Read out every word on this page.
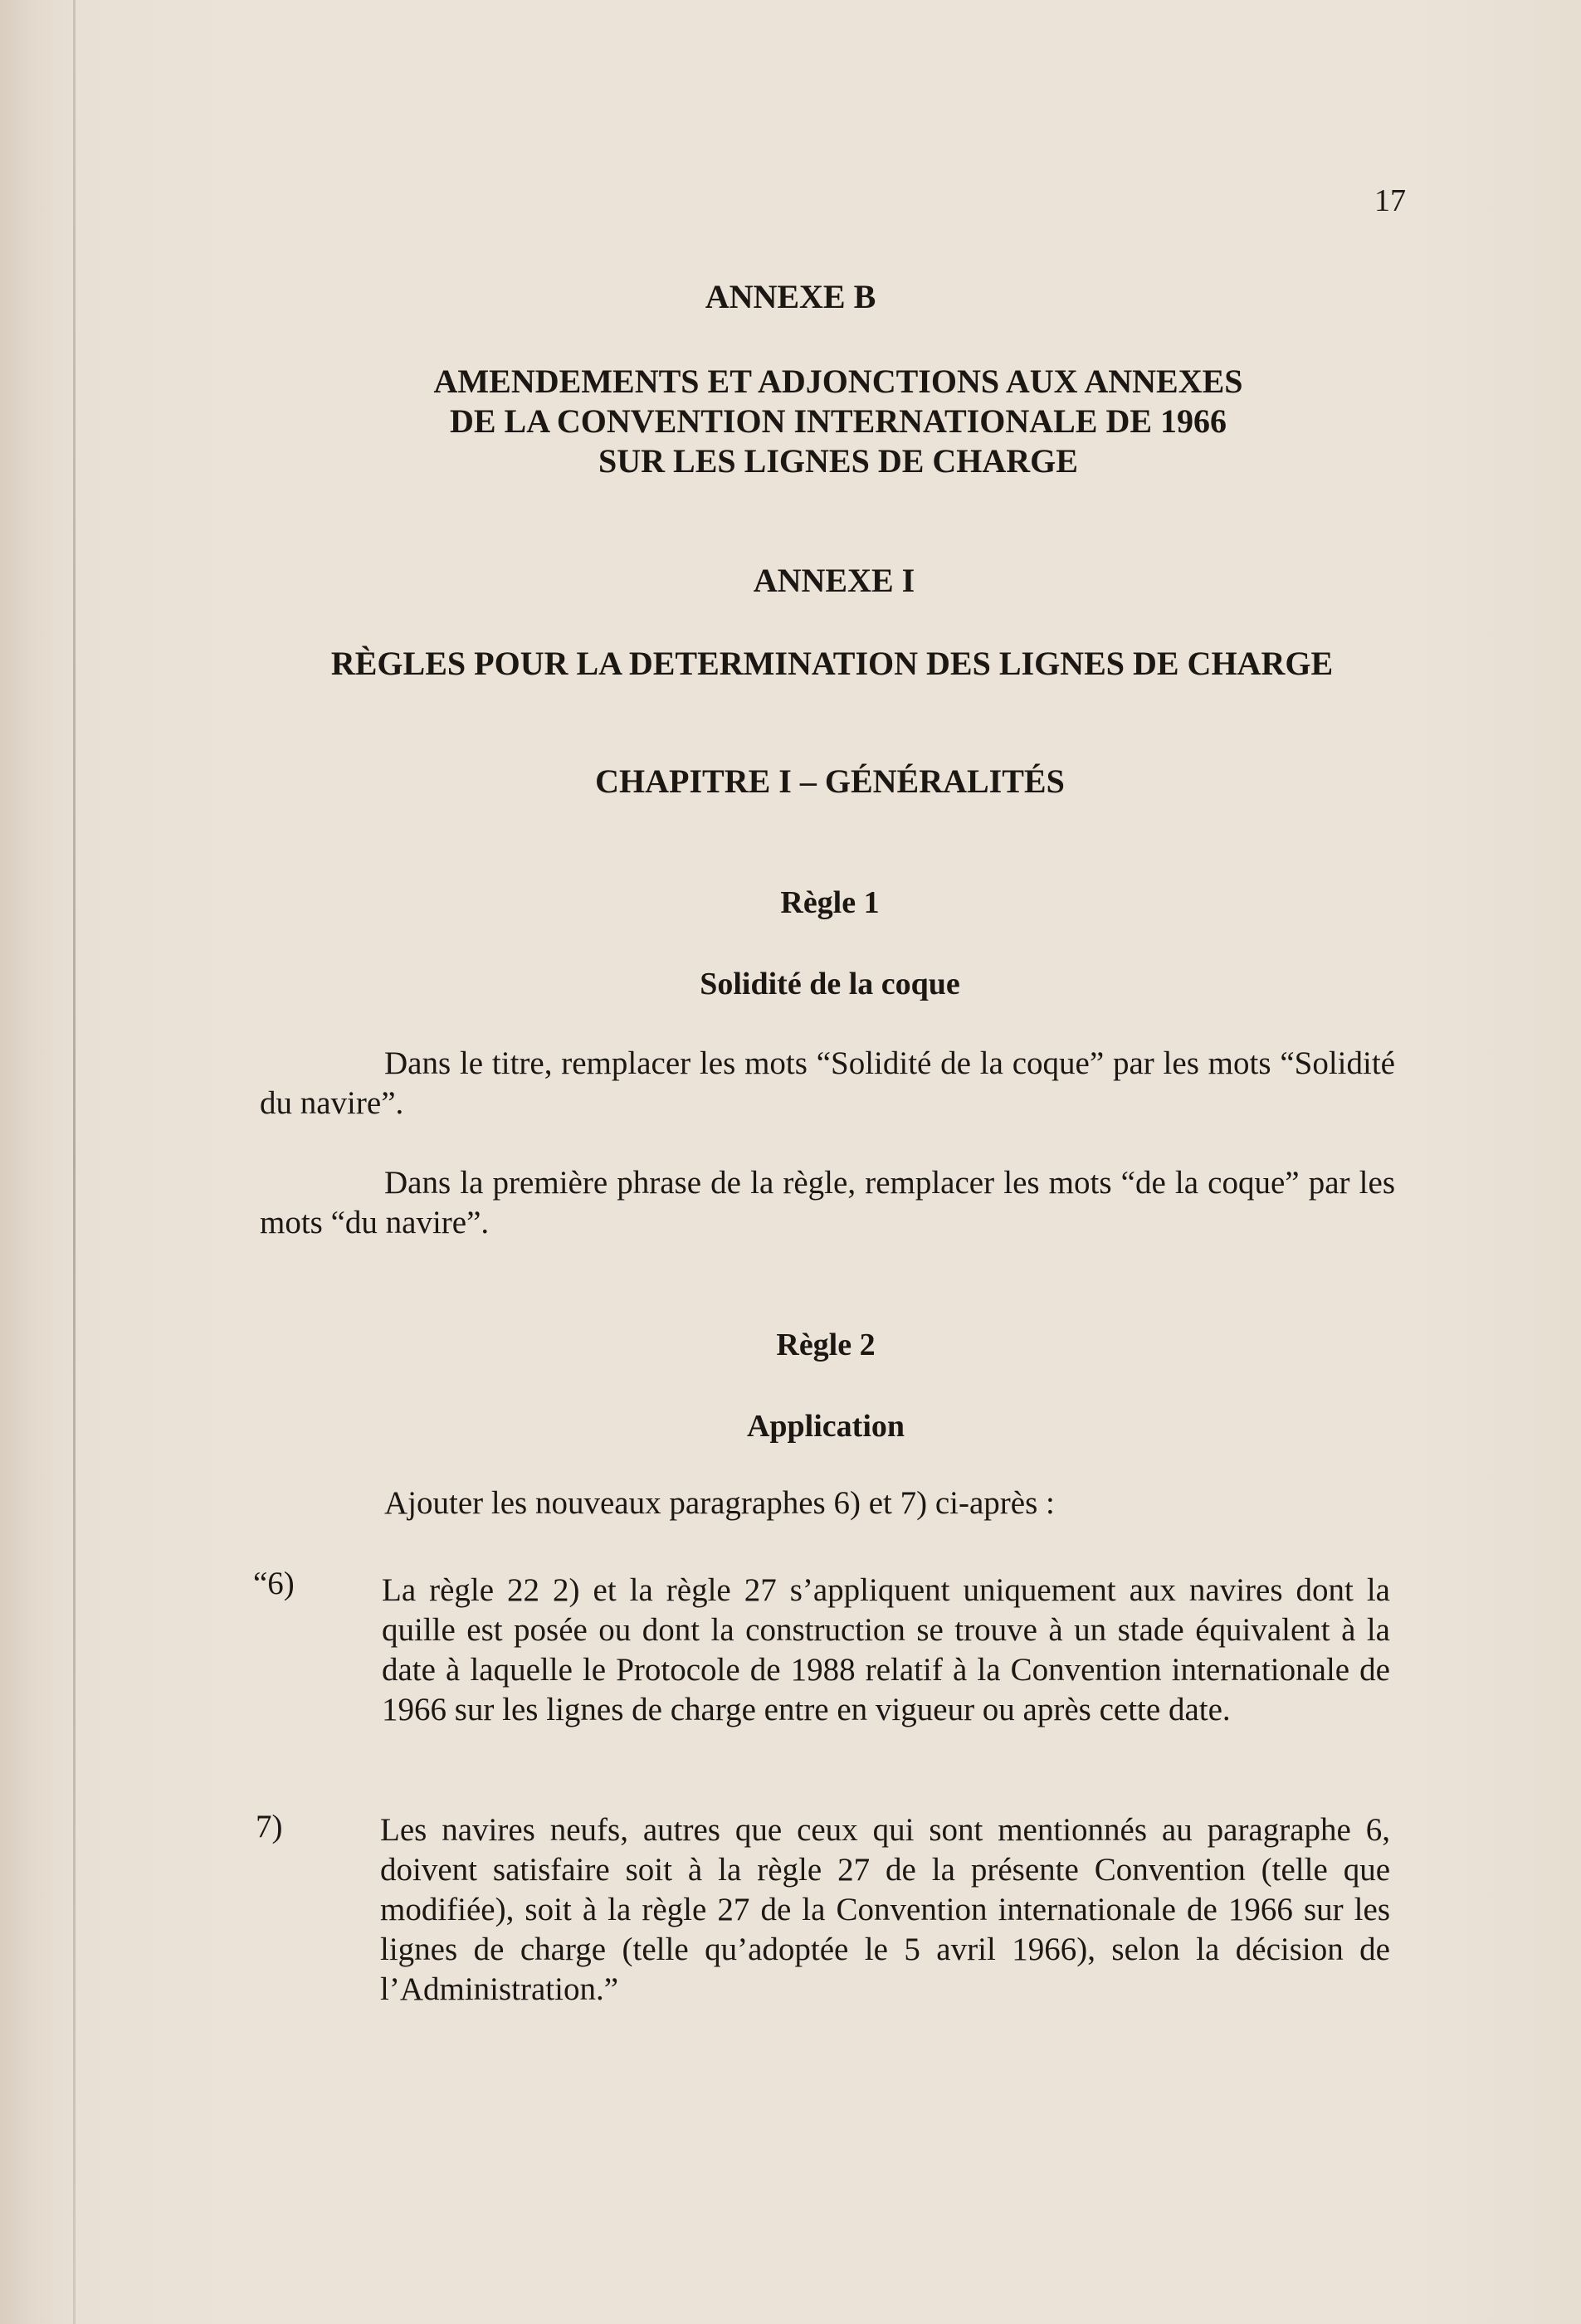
17
ANNEXE B
AMENDEMENTS ET ADJONCTIONS AUX ANNEXES
DE LA CONVENTION INTERNATIONALE DE 1966
SUR LES LIGNES DE CHARGE
ANNEXE I
RÈGLES POUR LA DETERMINATION DES LIGNES DE CHARGE
CHAPITRE I – GÉNÉRALITÉS
Règle 1
Solidité de la coque
Dans le titre, remplacer les mots “Solidité de la coque” par les mots “Solidité du navire”.
Dans la première phrase de la règle, remplacer les mots “de la coque” par les mots “du navire”.
Règle 2
Application
Ajouter les nouveaux paragraphes 6) et 7) ci-après :
“6)	La règle 22 2) et la règle 27 s’appliquent uniquement aux navires dont la quille est posée ou dont la construction se trouve à un stade équivalent à la date à laquelle le Protocole de 1988 relatif à la Convention internationale de 1966 sur les lignes de charge entre en vigueur ou après cette date.
7)	Les navires neufs, autres que ceux qui sont mentionnés au paragraphe 6, doivent satisfaire soit à la règle 27 de la présente Convention (telle que modifiée), soit à la règle 27 de la Convention internationale de 1966 sur les lignes de charge (telle qu’adoptée le 5 avril 1966), selon la décision de l’Administration.”
